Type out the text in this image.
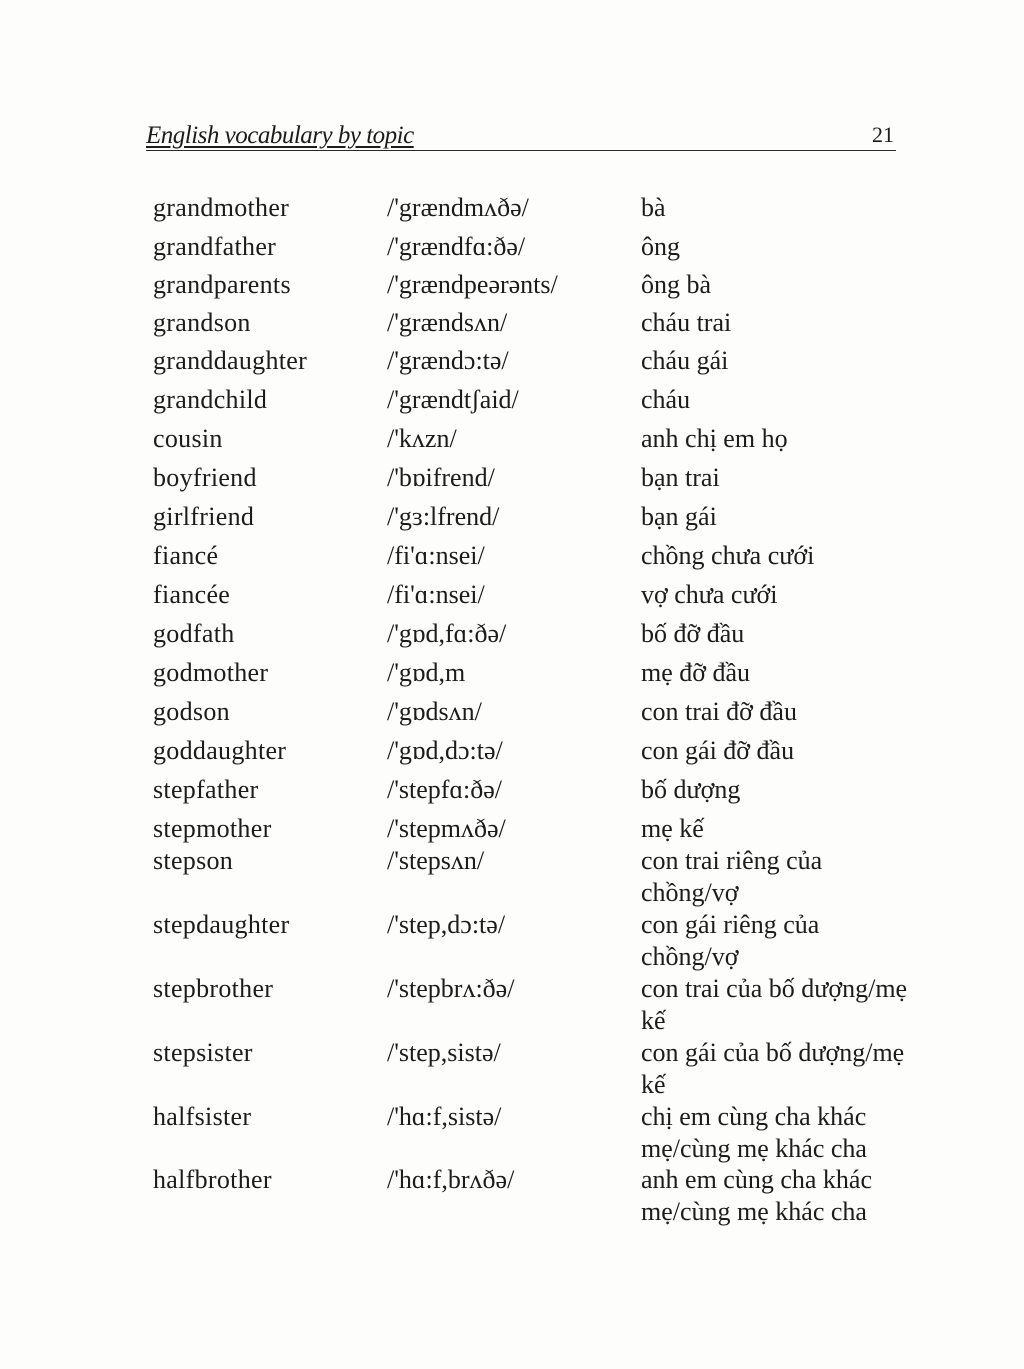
English vocabulary by topic	21
grandmother	/'grændmʌðə/	bà
grandfather	/'grændfɑ:ðə/	ông
grandparents	/'grændpeərənts/	ông bà
grandson	/'grændsʌn/	cháu trai
granddaughter	/'grændɔ:tə/	cháu gái
grandchild	/'grændtʃaid/	cháu
cousin	/'kʌzn/	anh chị em họ
boyfriend	/'bɒifrend/	bạn trai
girlfriend	/'gɜ:lfrend/	bạn gái
fiancé	/fi'ɑ:nsei/	chồng chưa cưới
fiancée	/fi'ɑ:nsei/	vợ chưa cưới
godfath	/'gɒd,fɑ:ðə/	bố đỡ đầu
godmother	/'gɒd,m	mẹ đỡ đầu
godson	/'gɒdsʌn/	con trai đỡ đầu
goddaughter	/'gɒd,dɔ:tə/	con gái đỡ đầu
stepfather	/'stepfɑ:ðə/	bố dượng
stepmother	/'stepmʌðə/	mẹ kế
stepson	/'stepsʌn/	con trai riêng của chồng/vợ
stepdaughter	/'step,dɔ:tə/	con gái riêng của chồng/vợ
stepbrother	/'stepbrʌ:ðə/	con trai của bố dượng/mẹ kế
stepsister	/'step,sistə/	con gái của bố dượng/mẹ kế
halfsister	/'hɑ:f,sistə/	chị em cùng cha khác mẹ/cùng mẹ khác cha
halfbrother	/'hɑ:f,brʌðə/	anh em cùng cha khác mẹ/cùng mẹ khác cha
